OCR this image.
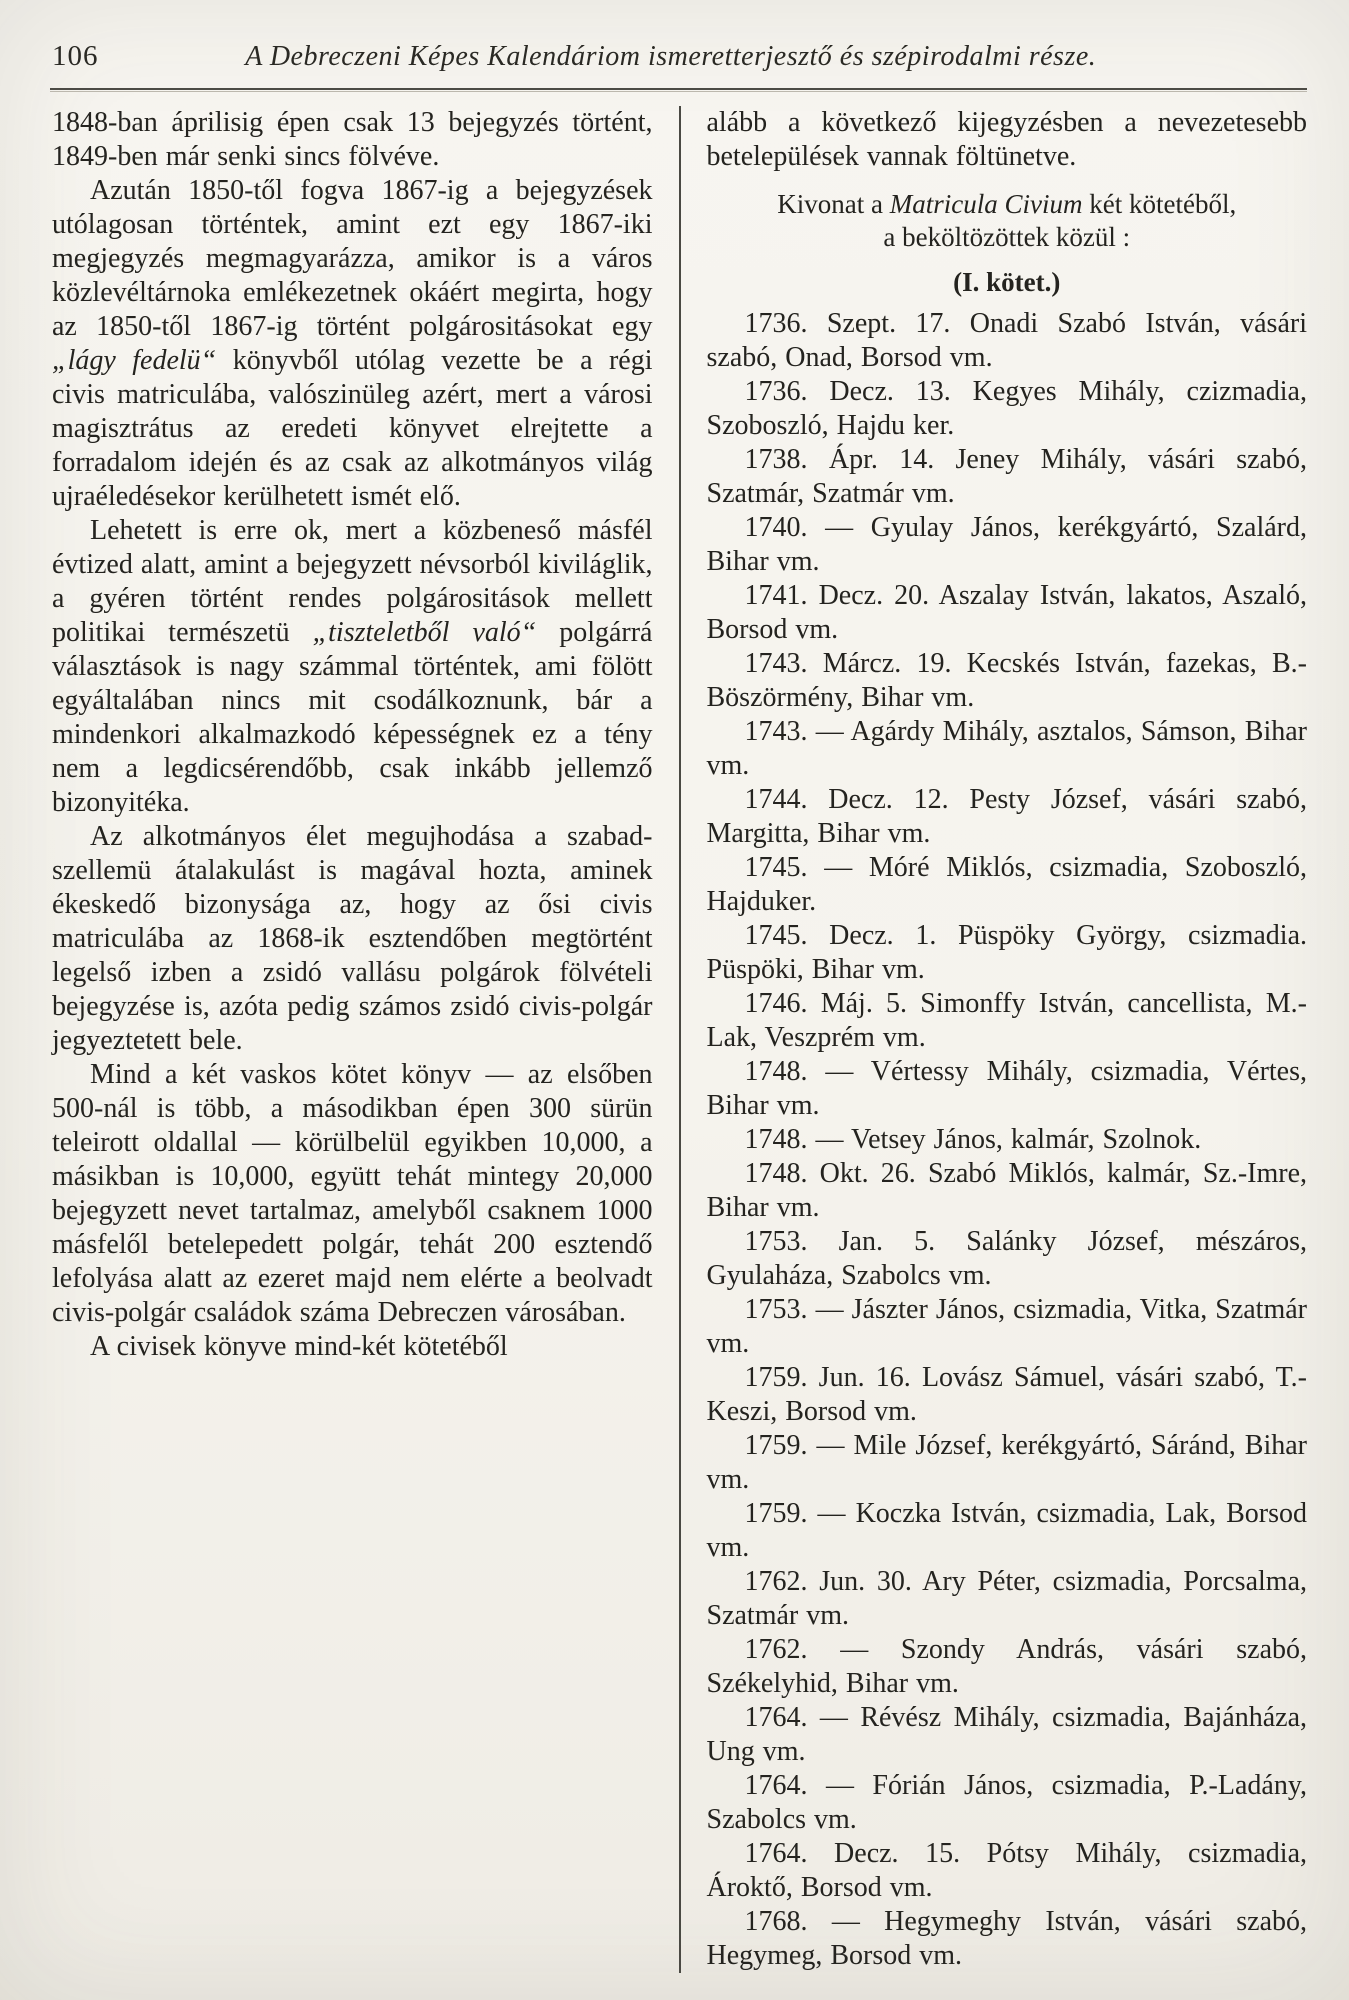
106	A Debreczeni Képes Kalendáriom ismeretterjesztő és szépirodalmi része.

1848-ban áprilisig épen csak 13 bejegyzés történt, 1849-ben már senki sincs fölvéve.

Azután 1850-től fogva 1867-ig a bejegyzések utólagosan történtek, amint ezt egy 1867-iki megjegyzés megmagyarázza, amikor is a város közlevéltárnoka emlékezetnek okáért megirta, hogy az 1850-től 1867-ig történt polgárositásokat egy „lágy fedelü“ könyvből utólag vezette be a régi civis matriculába, valószinüleg azért, mert a városi magisztrátus az eredeti könyvet elrejtette a forradalom idején és az csak az alkotmányos világ ujraéledésekor kerülhetett ismét elő.

Lehetett is erre ok, mert a közbeneső másfél évtized alatt, amint a bejegyzett névsorból kiviláglik, a gyéren történt rendes polgárositások mellett politikai természetü „tiszteletből való“ polgárrá választások is nagy számmal történtek, ami fölött egyáltalában nincs mit csodálkoznunk, bár a mindenkori alkalmazkodó képességnek ez a tény nem a legdicsérendőbb, csak inkább jellemző bizonyitéka.

Az alkotmányos élet megujhodása a szabad-szellemü átalakulást is magával hozta, aminek ékeskedő bizonysága az, hogy az ősi civis matriculába az 1868-ik esztendőben megtörtént legelső izben a zsidó vallásu polgárok fölvételi bejegyzése is, azóta pedig számos zsidó civis-polgár jegyeztetett bele.

Mind a két vaskos kötet könyv — az elsőben 500-nál is több, a másodikban épen 300 sürün teleirott oldallal — körülbelül egyikben 10,000, a másikban is 10,000, együtt tehát mintegy 20,000 bejegyzett nevet tartalmaz, amelyből csaknem 1000 másfelől betelepedett polgár, tehát 200 esztendő lefolyása alatt az ezeret majd nem elérte a beolvadt civis-polgár családok száma Debreczen városában.

A civisek könyve mind-két kötetéből

alább a következő kijegyzésben a nevezetesebb betelepülések vannak föltünetve.

Kivonat a Matricula Civium két kötetéből,

a beköltözöttek közül :

(I. kötet.)

1736. Szept. 17. Onadi Szabó István, vásári szabó, Onad, Borsod vm.

1736. Decz. 13. Kegyes Mihály, czizmadia, Szoboszló, Hajdu ker.

1738. Ápr. 14. Jeney Mihály, vásári szabó, Szatmár, Szatmár vm.

1740. — Gyulay János, kerékgyártó, Szalárd, Bihar vm.

1741. Decz. 20. Aszalay István, lakatos, Aszaló, Borsod vm.

1743. Márcz. 19. Kecskés István, fazekas, B.-Böszörmény, Bihar vm.

1743. — Agárdy Mihály, asztalos, Sámson, Bihar vm.

1744. Decz. 12. Pesty József, vásári szabó, Margitta, Bihar vm.

1745. — Móré Miklós, csizmadia, Szoboszló, Hajduker.

1745. Decz. 1. Püspöky György, csizmadia. Püspöki, Bihar vm.

1746. Máj. 5. Simonffy István, cancellista, M.-Lak, Veszprém vm.

1748. — Vértessy Mihály, csizmadia, Vértes, Bihar vm.

1748. — Vetsey János, kalmár, Szolnok.

1748. Okt. 26. Szabó Miklós, kalmár, Sz.-Imre, Bihar vm.

1753. Jan. 5. Salánky József, mészáros, Gyulaháza, Szabolcs vm.

1753. — Jászter János, csizmadia, Vitka, Szatmár vm.

1759. Jun. 16. Lovász Sámuel, vásári szabó, T.-Keszi, Borsod vm.

1759. — Mile József, kerékgyártó, Sáránd, Bihar vm.

1759. — Koczka István, csizmadia, Lak, Borsod vm.

1762. Jun. 30. Ary Péter, csizmadia, Porcsalma, Szatmár vm.

1762. — Szondy András, vásári szabó, Székelyhid, Bihar vm.

1764. — Révész Mihály, csizmadia, Bajánháza, Ung vm.

1764. — Fórián János, csizmadia, P.-Ladány, Szabolcs vm.

1764. Decz. 15. Pótsy Mihály, csizmadia, Ároktő, Borsod vm.

1768. — Hegymeghy István, vásári szabó, Hegymeg, Borsod vm.
